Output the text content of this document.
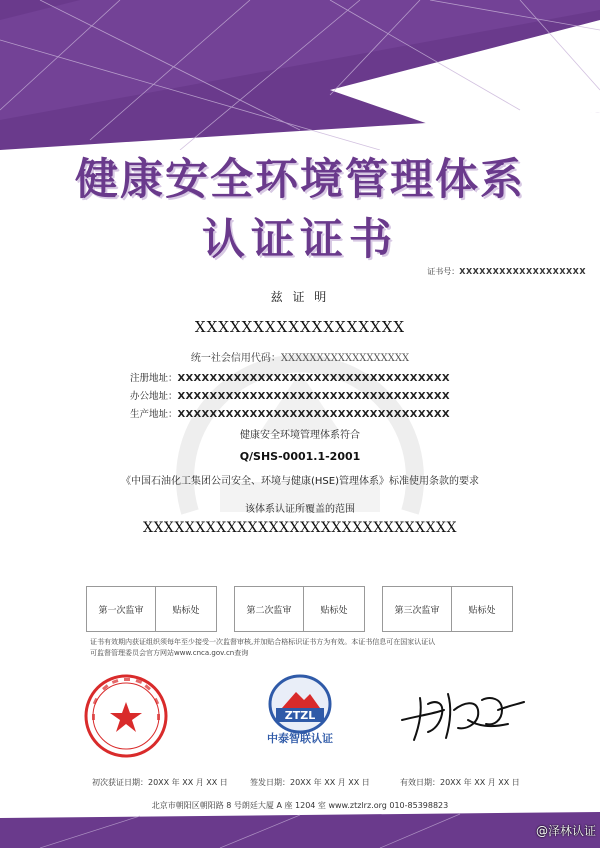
健康安全环境管理体系
认证证书
证书号：XXXXXXXXXXXXXXXXXXX
兹 证 明
XXXXXXXXXXXXXXXXXX
统一社会信用代码：XXXXXXXXXXXXXXXXXX
注册地址：XXXXXXXXXXXXXXXXXXXXXXXXXXXXXXXXXX
办公地址：XXXXXXXXXXXXXXXXXXXXXXXXXXXXXXXXXX
生产地址：XXXXXXXXXXXXXXXXXXXXXXXXXXXXXXXXXX
健康安全环境管理体系符合
Q/SHS-0001.1-2001
《中国石油化工集团公司安全、环境与健康(HSE)管理体系》标准使用条款的要求
该体系认证所覆盖的范围
XXXXXXXXXXXXXXXXXXXXXXXXXXXXXX
第一次监审	贴标处	第二次监审	贴标处	第三次监审	贴标处
证书有效期内获证组织须每年至少接受一次监督审核,并加贴合格标识证书方为有效。本证书信息可在国家认证认
可监督管理委员会官方网站www.cnca.gov.cn查询
ZTZL
中泰智联认证
初次获证日期：20XX 年 XX 月 XX 日	签发日期：20XX 年 XX 月 XX 日	有效日期：20XX 年 XX 月 XX 日
北京市朝阳区朝阳路 8 号朗廷大厦 A 座 1204 室 www.ztzlrz.org 010-85398823
@泽林认证
